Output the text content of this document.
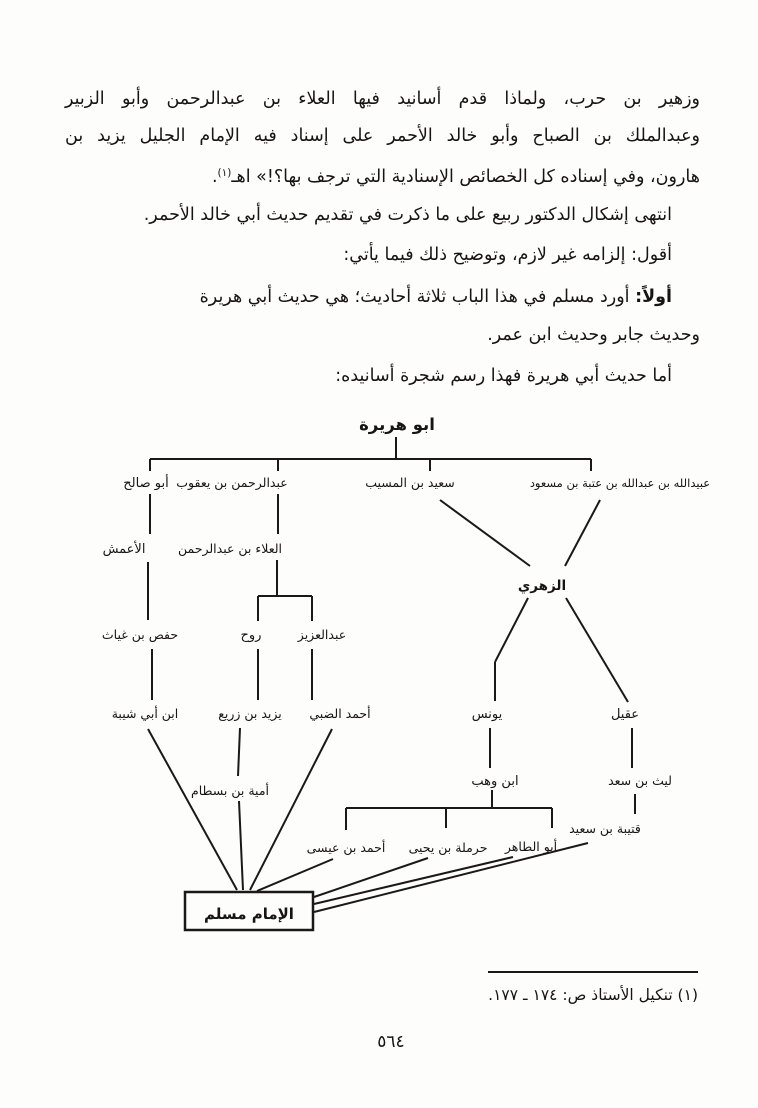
وزهير بن حرب، ولماذا قدم أسانيد فيها العلاء بن عبدالرحمن وأبو الزبير
وعبدالملك بن الصباح وأبو خالد الأحمر على إسناد فيه الإمام الجليل يزيد بن
هارون، وفي إسناده كل الخصائص الإسنادية التي ترجف بها؟!» اهـ$^{(١)}$.
انتهى إشكال الدكتور ربيع على ما ذكرت في تقديم حديث أبي خالد الأحمر.
أقول: إلزامه غير لازم، وتوضيح ذلك فيما يأتي:
أولاً: أورد مسلم في هذا الباب ثلاثة أحاديث؛ هي حديث أبي هريرة
وحديث جابر وحديث ابن عمر.
أما حديث أبي هريرة فهذا رسم شجرة أسانيده:
ابو هريرة
عبيدالله بن عبدالله بن عتبة بن مسعود
سعيد بن المسيب
عبدالرحمن بن يعقوب
أبو صالح
الأعمش	العلاء بن عبدالرحمن
الزهري
حفص بن غياث	روح	عبدالعزيز
ابن أبي شيبة	يزيد بن زريع أحمد الضبي	يونس	عقيل
أمية بن بسطام
ابن وهب	ليث بن سعد
قتيبة بن سعيد
أحمد بن عيسى حرملة بن يحيى أبو الطاهر
الإمام مسلم
(١) تنكيل الأستاذ ص: ١٧٤ ـ ١٧٧.
٥٦٤
